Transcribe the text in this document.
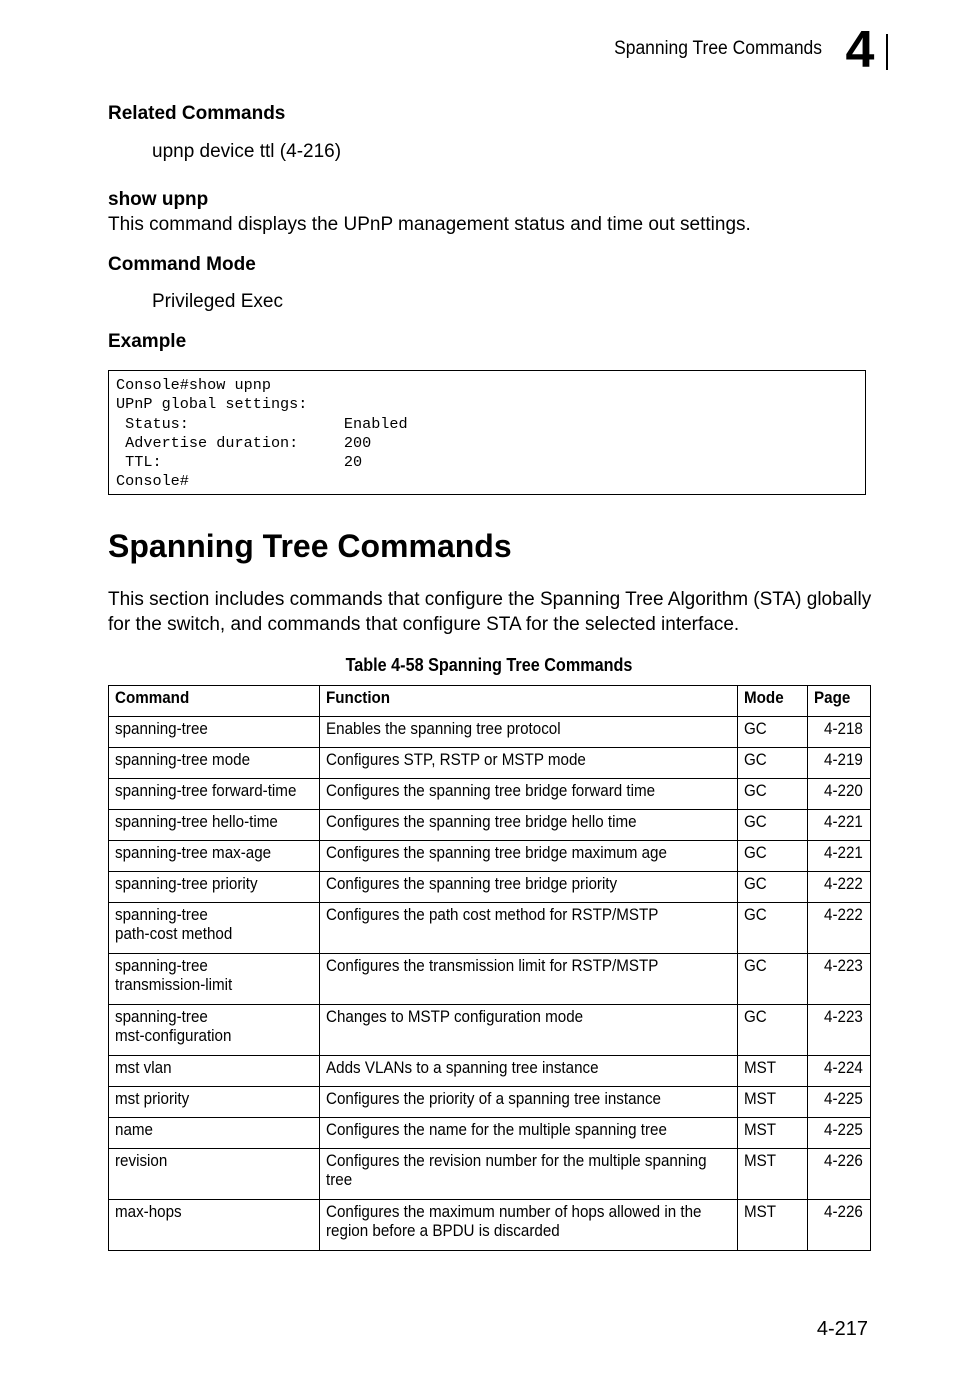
Spanning Tree Commands 4
Related Commands
upnp device ttl (4-216)
show upnp
This command displays the UPnP management status and time out settings.
Command Mode
Privileged Exec
Example
Console#show upnp
UPnP global settings:
Status:                 Enabled
Advertise duration:     200
TTL:                    20
Console#
Spanning Tree Commands
This section includes commands that configure the Spanning Tree Algorithm (STA) globally for the switch, and commands that configure STA for the selected interface.
Table 4-58 Spanning Tree Commands
Command	Function	Mode	Page
spanning-tree	Enables the spanning tree protocol	GC	4-218
spanning-tree mode	Configures STP, RSTP or MSTP mode	GC	4-219
spanning-tree forward-time	Configures the spanning tree bridge forward time	GC	4-220
spanning-tree hello-time	Configures the spanning tree bridge hello time	GC	4-221
spanning-tree max-age	Configures the spanning tree bridge maximum age	GC	4-221
spanning-tree priority	Configures the spanning tree bridge priority	GC	4-222
spanning-tree
path-cost method	Configures the path cost method for RSTP/MSTP	GC	4-222
spanning-tree
transmission-limit	Configures the transmission limit for RSTP/MSTP	GC	4-223
spanning-tree
mst-configuration	Changes to MSTP configuration mode	GC	4-223
mst vlan	Adds VLANs to a spanning tree instance	MST	4-224
mst priority	Configures the priority of a spanning tree instance	MST	4-225
name	Configures the name for the multiple spanning tree	MST	4-225
revision	Configures the revision number for the multiple spanning tree	MST	4-226
max-hops	Configures the maximum number of hops allowed in the region before a BPDU is discarded	MST	4-226
4-217
